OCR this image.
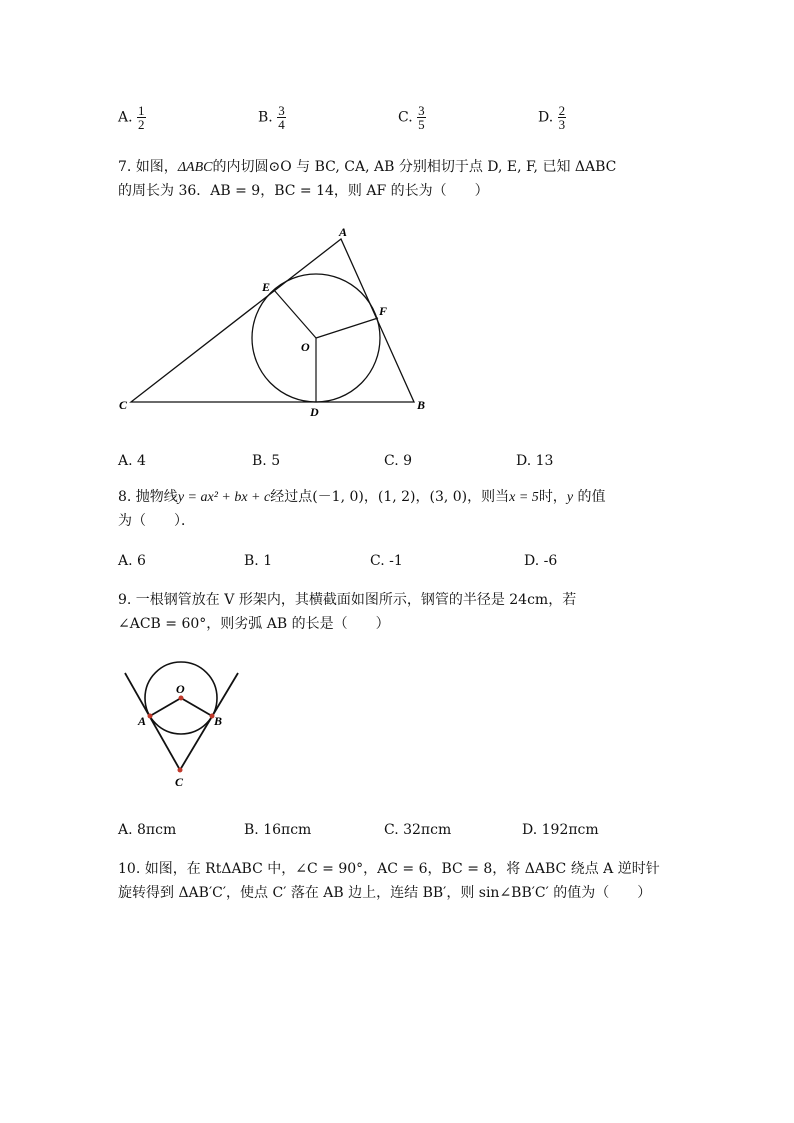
A. $\frac{1}{2}$	B. $\frac{3}{4}$	C. $\frac{3}{5}$	D. $\frac{2}{3}$
7. 如图，ΔABC的内切圆⊙O 与 BC, CA, AB 分别相切于点 D, E, F, 已知 ΔABC
的周长为 36．AB = 9，BC = 14，则 AF 的长为（　　）
A
B
C	D
E
F
O
A. 4	B. 5	C. 9	D. 13
8. 抛物线y = ax² + bx + c经过点(－1, 0)，(1, 2)，(3, 0)，则当x = 5时，y 的值
为（　　）．
A. 6	B. 1	C. -1	D. -6
9. 一根钢管放在 V 形架内，其横截面如图所示，钢管的半径是 24cm，若
∠ACB = 60°，则劣弧 AB 的长是（　　）
O
A	B
C
A. 8πcm	B. 16πcm	C. 32πcm	D. 192πcm
10. 如图，在 RtΔABC 中，∠C = 90°，AC = 6，BC = 8，将 ΔABC 绕点 A 逆时针
旋转得到 ΔAB′C′，使点 C′ 落在 AB 边上，连结 BB′，则 sin∠BB′C′ 的值为（　　）
